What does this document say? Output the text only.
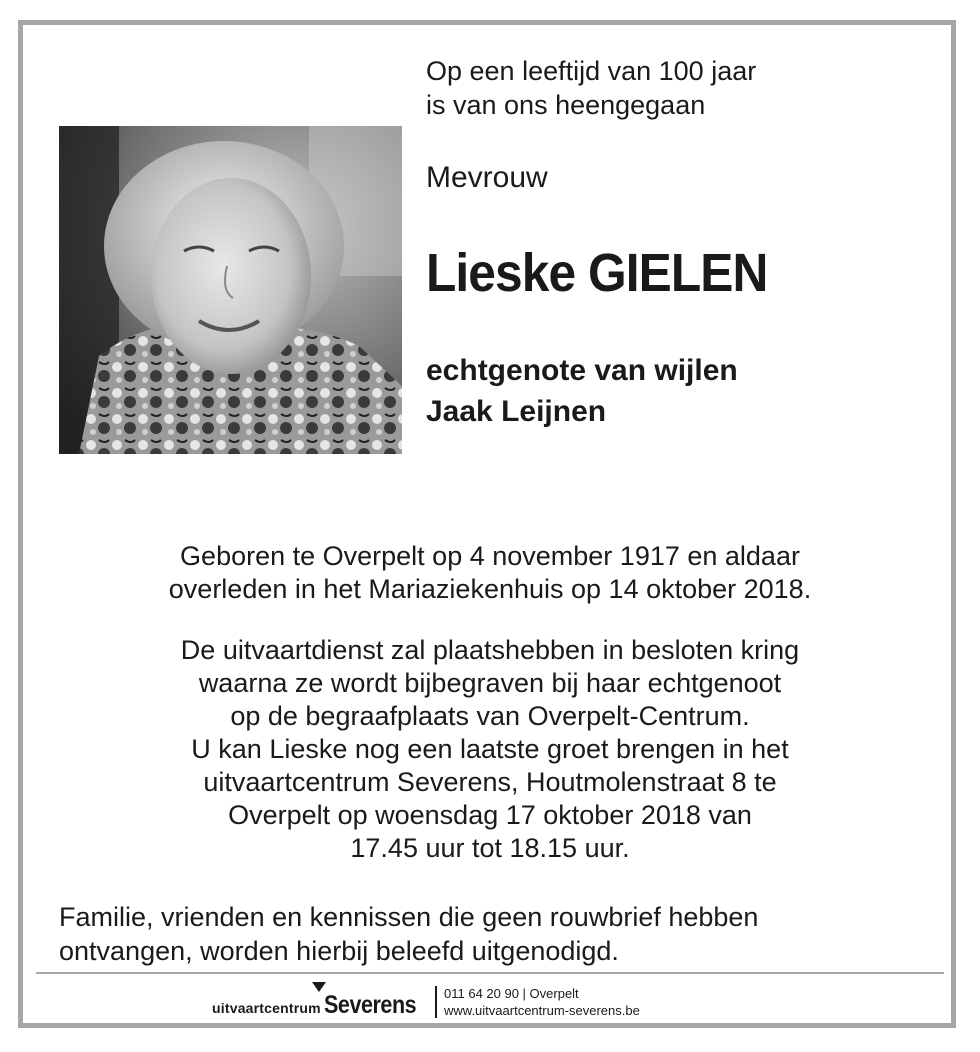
Op een leeftijd van 100 jaar
is van ons heengegaan
Mevrouw
Lieske GIELEN
echtgenote van wijlen
Jaak Leijnen
Geboren te Overpelt op 4 november 1917 en aldaar
overleden in het Mariaziekenhuis op 14 oktober 2018.
De uitvaartdienst zal plaatshebben in besloten kring
waarna ze wordt bijbegraven bij haar echtgenoot
op de begraafplaats van Overpelt-Centrum.
U kan Lieske nog een laatste groet brengen in het
uitvaartcentrum Severens, Houtmolenstraat 8 te
Overpelt op woensdag 17 oktober 2018 van
17.45 uur tot 18.15 uur.
Familie, vrienden en kennissen die geen rouwbrief hebben
ontvangen, worden hierbij beleefd uitgenodigd.
uitvaartcentrum Severens 011 64 20 90 | Overpelt
www.uitvaartcentrum-severens.be
